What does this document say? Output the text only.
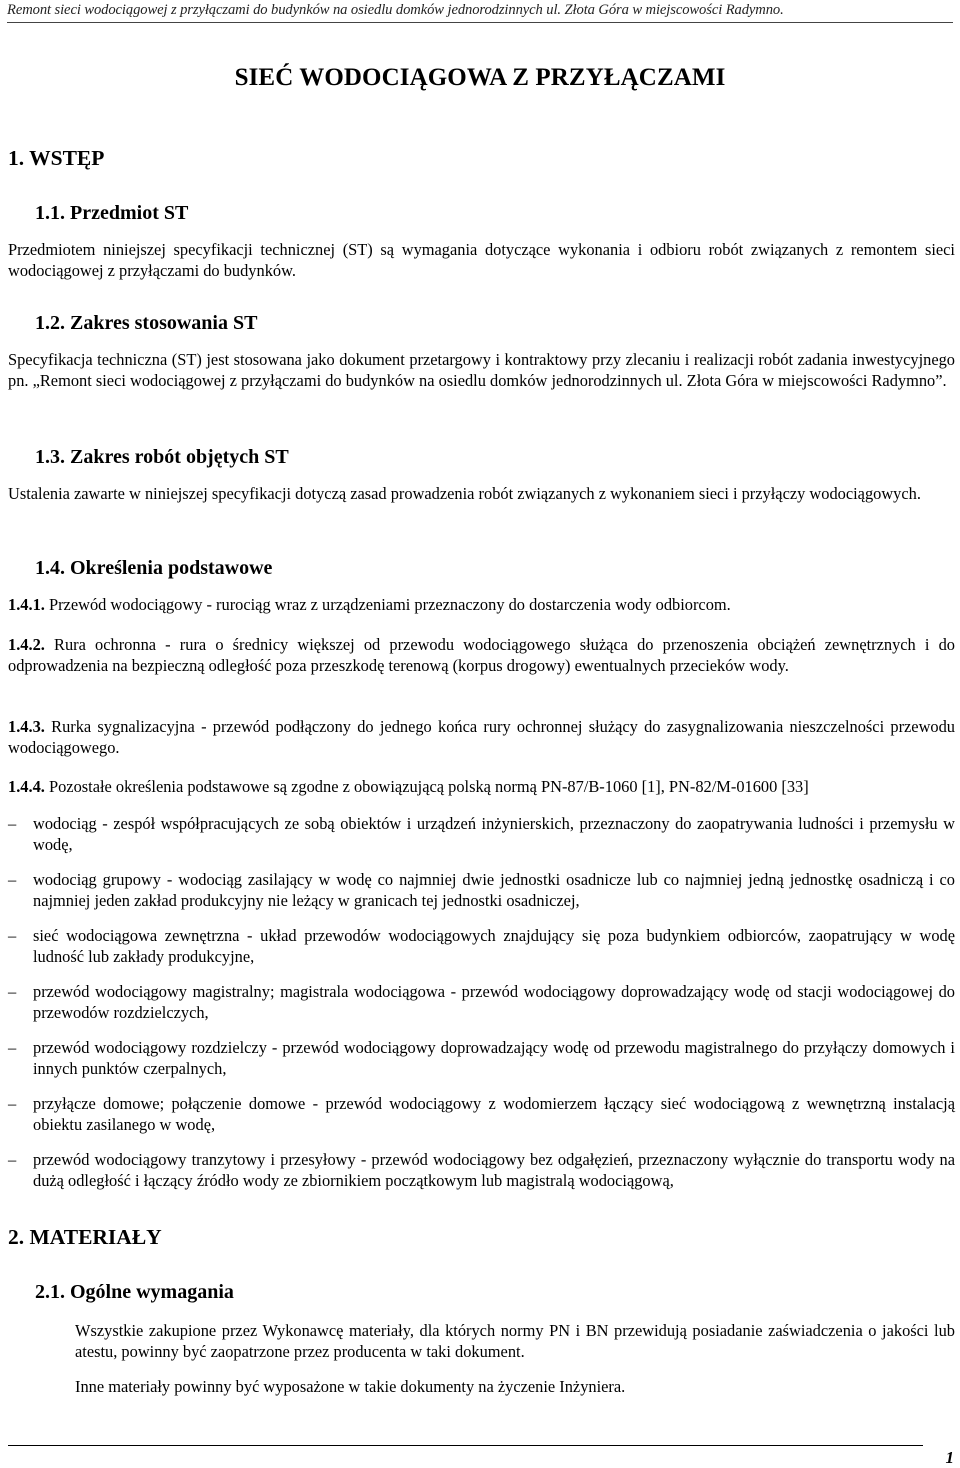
Remont sieci wodociągowej z przyłączami do budynków na osiedlu domków jednorodzinnych ul. Złota Góra w miejscowości Radymno.
SIEĆ WODOCIĄGOWA Z PRZYŁĄCZAMI
1. WSTĘP
1.1. Przedmiot ST
Przedmiotem niniejszej specyfikacji technicznej (ST) są wymagania dotyczące wykonania i odbioru robót związanych z remontem sieci wodociągowej z przyłączami do budynków.
1.2. Zakres stosowania ST
Specyfikacja techniczna (ST) jest stosowana jako dokument przetargowy i kontraktowy przy zlecaniu i realizacji robót zadania inwestycyjnego pn. „Remont sieci wodociągowej z przyłączami do budynków na osiedlu domków jednorodzinnych ul. Złota Góra w miejscowości Radymno”.
1.3. Zakres robót objętych ST
Ustalenia zawarte w niniejszej specyfikacji dotyczą zasad prowadzenia robót związanych z wykonaniem sieci i przyłączy wodociągowych.
1.4. Określenia podstawowe
1.4.1. Przewód wodociągowy - rurociąg wraz z urządzeniami przeznaczony do dostarczenia wody odbiorcom.
1.4.2. Rura ochronna - rura o średnicy większej od przewodu wodociągowego służąca do przenoszenia obciążeń zewnętrznych i do odprowadzenia na bezpieczną odległość poza przeszkodę terenową (korpus drogowy) ewentualnych przecieków wody.
1.4.3. Rurka sygnalizacyjna - przewód podłączony do jednego końca rury ochronnej służący do zasygnalizowania nieszczelności przewodu wodociągowego.
1.4.4. Pozostałe określenia podstawowe są zgodne z obowiązującą polską normą PN-87/B-1060 [1], PN-82/M-01600 [33]
– wodociąg - zespół współpracujących ze sobą obiektów i urządzeń inżynierskich, przeznaczony do zaopatrywania ludności i przemysłu w wodę,
– wodociąg grupowy - wodociąg zasilający w wodę co najmniej dwie jednostki osadnicze lub co najmniej jedną jednostkę osadniczą i co najmniej jeden zakład produkcyjny nie leżący w granicach tej jednostki osadniczej,
– sieć wodociągowa zewnętrzna - układ przewodów wodociągowych znajdujący się poza budynkiem odbiorców, zaopatrujący w wodę ludność lub zakłady produkcyjne,
– przewód wodociągowy magistralny; magistrala wodociągowa - przewód wodociągowy doprowadzający wodę od stacji wodociągowej do przewodów rozdzielczych,
– przewód wodociągowy rozdzielczy - przewód wodociągowy doprowadzający wodę od przewodu magistralnego do przyłączy domowych i innych punktów czerpalnych,
– przyłącze domowe; połączenie domowe - przewód wodociągowy z wodomierzem łączący sieć wodociągową z wewnętrzną instalacją obiektu zasilanego w wodę,
– przewód wodociągowy tranzytowy i przesyłowy - przewód wodociągowy bez odgałęzień, przeznaczony wyłącznie do transportu wody na dużą odległość i łączący źródło wody ze zbiornikiem początkowym lub magistralą wodociągową,
2. MATERIAŁY
2.1. Ogólne wymagania
Wszystkie zakupione przez Wykonawcę materiały, dla których normy PN i BN przewidują posiadanie zaświadczenia o jakości lub atestu, powinny być zaopatrzone przez producenta w taki dokument.
Inne materiały powinny być wyposażone w takie dokumenty na życzenie Inżyniera.
1
